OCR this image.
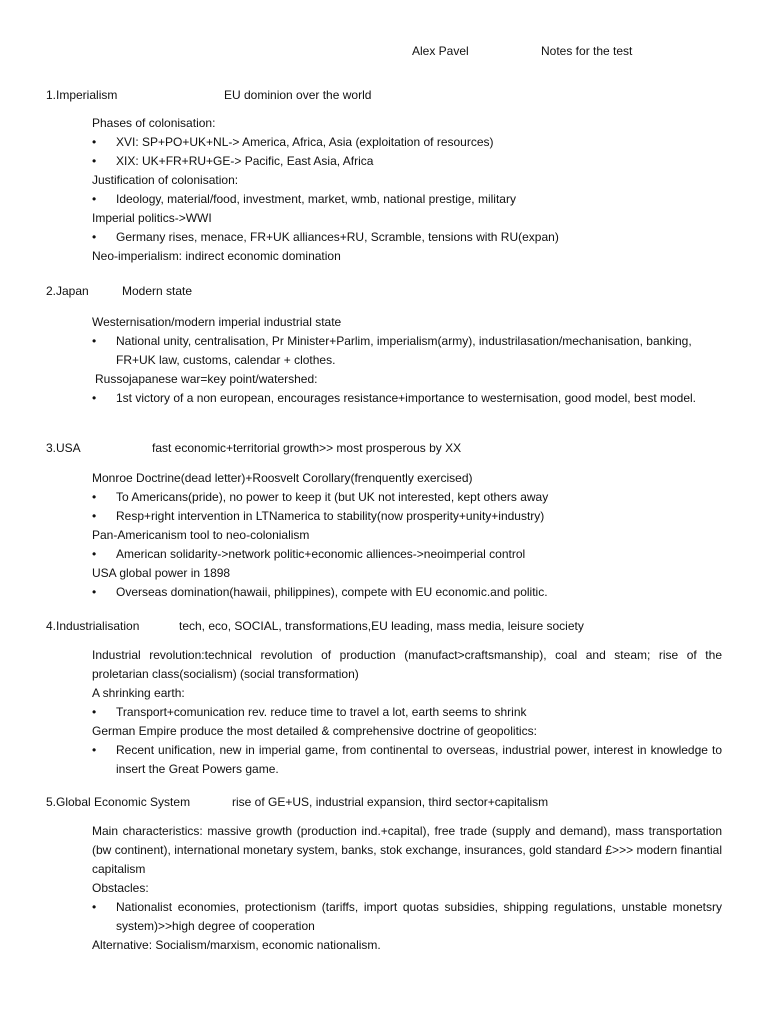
Alex Pavel	Notes for the test
1.Imperialism	EU dominion over the world

Phases of colonisation:

• XVI: SP+PO+UK+NL-> America, Africa, Asia (exploitation of resources)
• XIX: UK+FR+RU+GE-> Pacific, East Asia, Africa

Justification of colonisation:

• Ideology, material/food, investment, market, wmb, national prestige, military

Imperial politics->WWI

• Germany rises, menace, FR+UK alliances+RU, Scramble, tensions with RU(expan)

Neo-imperialism: indirect economic domination

2.Japan	Modern state

Westernisation/modern imperial industrial state

• National unity, centralisation, Pr Minister+Parlim, imperialism(army), industrilasation/mechanisation, banking, FR+UK law, customs, calendar + clothes.

Russojapanese war=key point/watershed:

• 1st victory of a non european, encourages resistance+importance to westernisation, good model, best model.
3.USA	fast economic+territorial growth>> most prosperous by XX

Monroe Doctrine(dead letter)+Roosvelt Corollary(frenquently exercised)

• To Americans(pride), no power to keep it (but UK not interested, kept others away
• Resp+right intervention in LTNamerica to stability(now prosperity+unity+industry)

Pan-Americanism tool to neo-colonialism

• American solidarity->network politic+economic alliences->neoimperial control

USA global power in 1898

• Overseas domination(hawaii, philippines), compete with EU economic.and politic.
4.Industrialisation	tech, eco, SOCIAL, transformations,EU leading, mass media, leisure society

Industrial revolution:technical revolution of production (manufact>craftsmanship), coal and steam; rise of the proletarian class(socialism) (social transformation)

A shrinking earth:

• Transport+comunication rev. reduce time to travel a lot, earth seems to shrink

German Empire produce the most detailed & comprehensive doctrine of geopolitics:

• Recent unification, new in imperial game, from continental to overseas, industrial power, interest in knowledge to insert the Great Powers game.
5.Global Economic System	rise of GE+US, industrial expansion, third sector+capitalism

Main characteristics: massive growth (production ind.+capital), free trade (supply and demand), mass transportation (bw continent), international monetary system, banks, stok exchange, insurances, gold standard £>>> modern finantial capitalism

Obstacles:

• Nationalist economies, protectionism (tariffs, import quotas subsidies, shipping regulations, unstable monetsry system)>>high degree of cooperation

Alternative: Socialism/marxism, economic nationalism.
